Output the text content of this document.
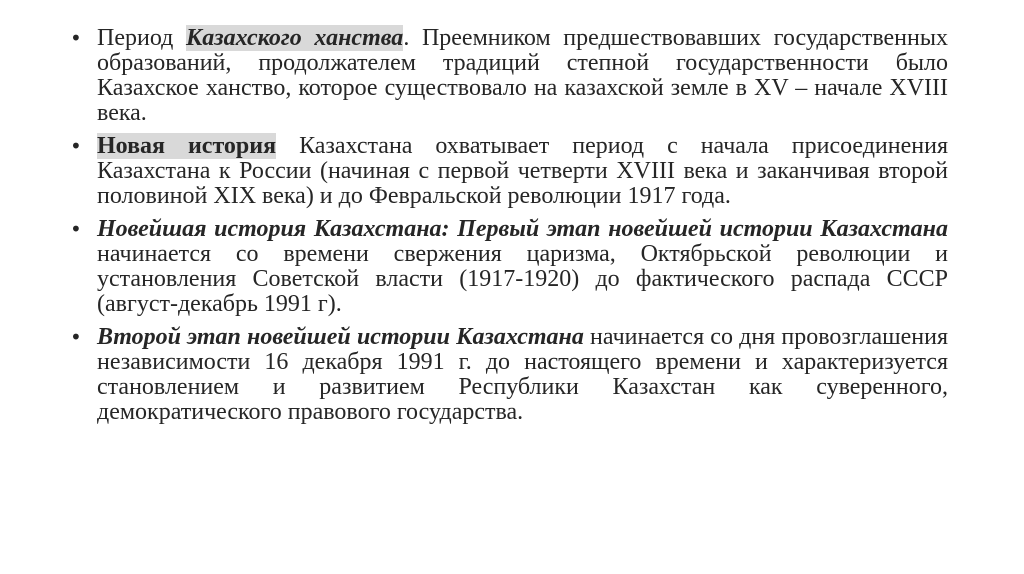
• Период Казахского ханства. Преемником предшествовавших государственных образований, продолжателем традиций степной государственности было Казахское ханство, которое существовало на казахской земле в XV – начале XVIII века.
• Новая история Казахстана охватывает период с начала присоединения Казахстана к России (начиная с первой четверти XVIII века и заканчивая второй половиной XIX века) и до Февральской революции 1917 года.
• Новейшая история Казахстана: Первый этап новейшей истории Казахстана начинается со времени свержения царизма, Октябрьской революции и установления Советской власти (1917-1920) до фактического распада СССР (август-декабрь 1991 г).
• Второй этап новейшей истории Казахстана начинается со дня провозглашения независимости 16 декабря 1991 г. до настоящего времени и характеризуется становлением и развитием Республики Казахстан как суверенного, демократического правового государства.
